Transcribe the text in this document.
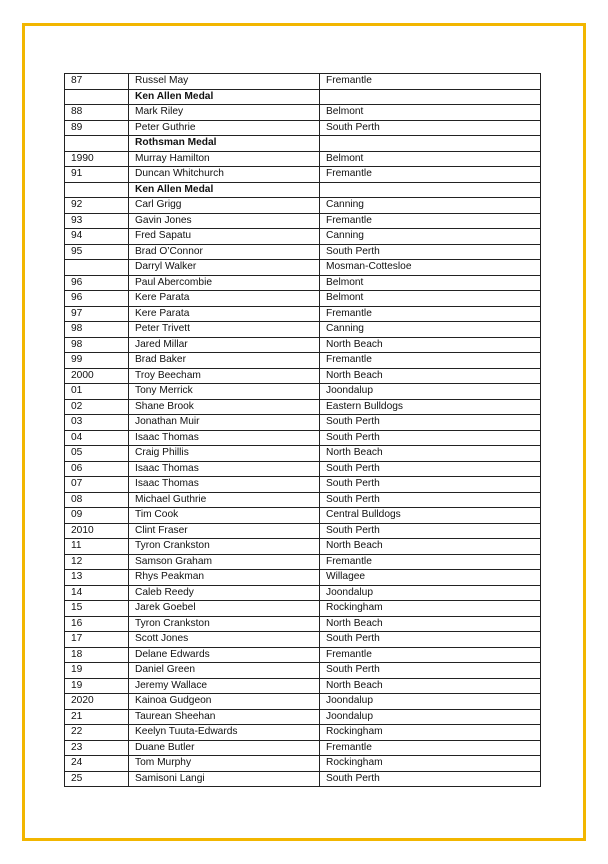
87	Russel May	Fremantle
	Ken Allen Medal	
88	Mark Riley	Belmont
89	Peter Guthrie	South Perth
	Rothsman Medal	
1990	Murray Hamilton	Belmont
91	Duncan Whitchurch	Fremantle
	Ken Allen Medal	
92	Carl Grigg	Canning
93	Gavin Jones	Fremantle
94	Fred Sapatu	Canning
95	Brad O’Connor	South Perth
	Darryl Walker	Mosman-Cottesloe
96	Paul Abercombie	Belmont
96	Kere Parata	Belmont
97	Kere Parata	Fremantle
98	Peter Trivett	Canning
98	Jared Millar	North Beach
99	Brad Baker	Fremantle
2000	Troy Beecham	North Beach
01	Tony Merrick	Joondalup
02	Shane Brook	Eastern Bulldogs
03	Jonathan Muir	South Perth
04	Isaac Thomas	South Perth
05	Craig Phillis	North Beach
06	Isaac Thomas	South Perth
07	Isaac Thomas	South Perth
08	Michael Guthrie	South Perth
09	Tim Cook	Central Bulldogs
2010	Clint Fraser	South Perth
11	Tyron Crankston	North Beach
12	Samson Graham	Fremantle
13	Rhys Peakman	Willagee
14	Caleb Reedy	Joondalup
15	Jarek Goebel	Rockingham
16	Tyron Crankston	North Beach
17	Scott Jones	South Perth
18	Delane Edwards	Fremantle
19	Daniel Green	South Perth
19	Jeremy Wallace	North Beach
2020	Kainoa Gudgeon	Joondalup
21	Taurean Sheehan	Joondalup
22	Keelyn Tuuta-Edwards	Rockingham
23	Duane Butler	Fremantle
24	Tom Murphy	Rockingham
25	Samisoni Langi	South Perth
